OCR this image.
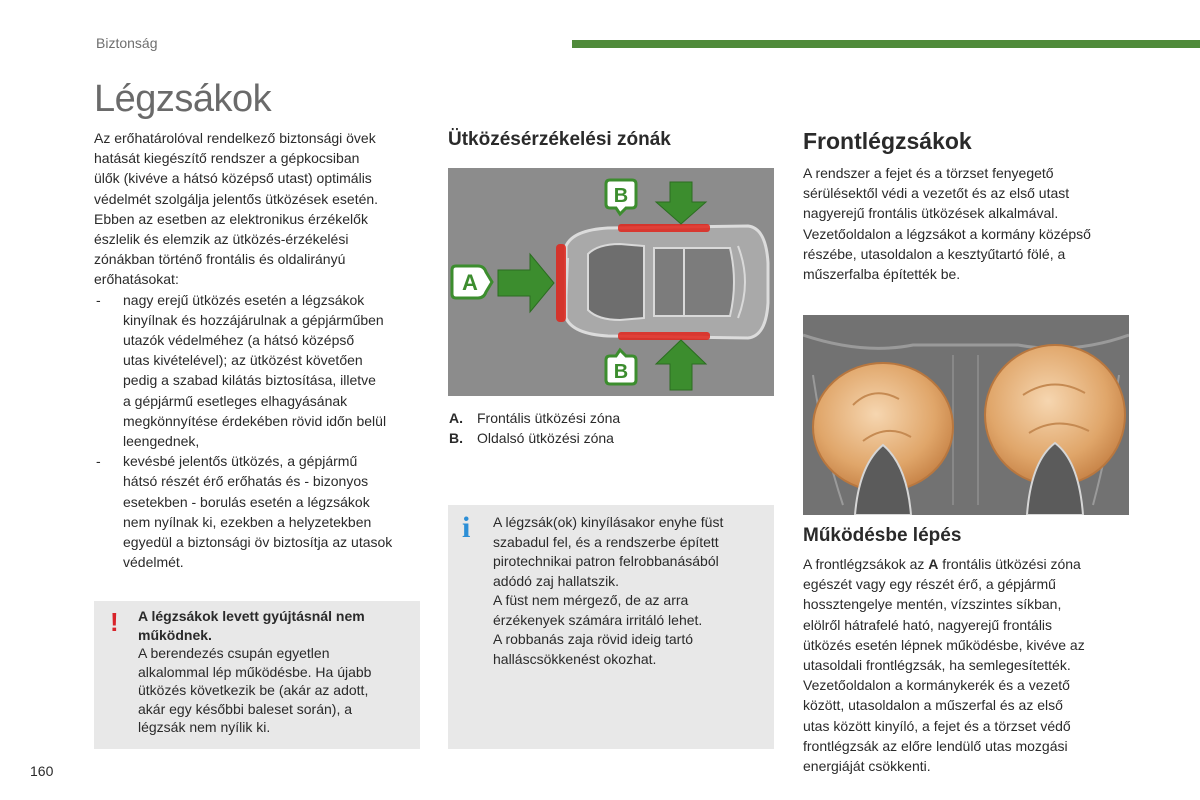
Biztonság
Légzsákok

Az erőhatárolóval rendelkező biztonsági övek
hatását kiegészítő rendszer a gépkocsiban
ülők (kivéve a hátsó középső utast) optimális
védelmét szolgálja jelentős ütközések esetén.
Ebben az esetben az elektronikus érzékelők
észlelik és elemzik az ütközés-érzékelési
zónákban történő frontális és oldalirányú
erőhatásokat:

- nagy erejű ütközés esetén a légzsákok
kinyílnak és hozzájárulnak a gépjárműben
utazók védelméhez (a hátsó középső
utas kivételével); az ütközést követően
pedig a szabad kilátás biztosítása, illetve
a gépjármű esetleges elhagyásának
megkönnyítése érdekében rövid időn belül
leengednek,
- kevésbé jelentős ütközés, a gépjármű
hátsó részét érő erőhatás és - bizonyos
esetekben - borulás esetén a légzsákok
nem nyílnak ki, ezekben a helyzetekben
egyedül a biztonsági öv biztosítja az utasok
védelmét.
! A légzsákok levett gyújtásnál nem
működnek.
A berendezés csupán egyetlen
alkalommal lép működésbe. Ha újabb
ütközés következik be (akár az adott,
akár egy későbbi baleset során), a
légzsák nem nyílik ki.
Ütközésérzékelési zónák
A
B
B
A. Frontális ütközési zóna
B. Oldalsó ütközési zóna
i A légzsák(ok) kinyílásakor enyhe füst
szabadul fel, és a rendszerbe épített
pirotechnikai patron felrobbanásából
adódó zaj hallatszik.

A füst nem mérgező, de az arra
érzékenyek számára irritáló lehet.

A robbanás zaja rövid ideig tartó
halláscsökkenést okozhat.

Frontlégzsákok
A rendszer a fejet és a törzset fenyegető
sérülésektől védi a vezetőt és az első utast
nagyerejű frontális ütközések alkalmával.
Vezetőoldalon a légzsákot a kormány középső
részébe, utasoldalon a kesztyűtartó fölé, a
műszerfalba építették be.
Működésbe lépés
A frontlégzsákok az A frontális ütközési zóna
egészét vagy egy részét érő, a gépjármű
hossztengelye mentén, vízszintes síkban,
elölről hátrafelé ható, nagyerejű frontális
ütközés esetén lépnek működésbe, kivéve az
utasoldali frontlégzsák, ha semlegesítették.
Vezetőoldalon a kormánykerék és a vezető
között, utasoldalon a műszerfal és az első
utas között kinyíló, a fejet és a törzset védő
frontlégzsák az előre lendülő utas mozgási
energiáját csökkenti.
160
